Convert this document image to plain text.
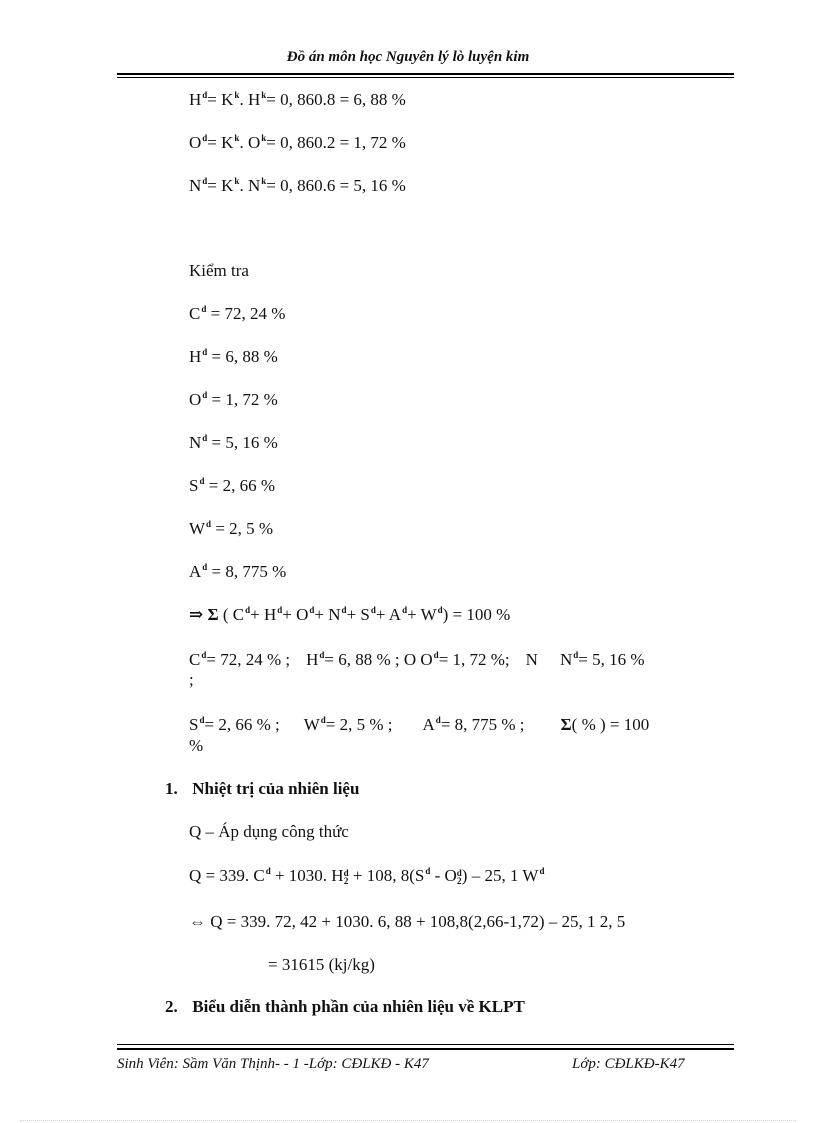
Đồ án môn học Nguyên lý lò luyện kim
$H^d= K^k$. $H^k= 0$, 860.8 = 6, 88 %
$O^d= K^k$. $O^k= 0$, 860.2 = 1, 72 %
$N^d= K^k$. $N^k= 0$, 860.6 = 5, 16 %
Kiểm tra
$C^d = 72$, 24 %
$H^d = 6$, 88 %
$O^d = 1$, 72 %
$N^d = 5$, 16 %
$S^d = 2$, 66 %
$W^d = 2$, 5 %
$A^d = 8$, 775 %
⇒ Σ ( $C^d+ H^d+ O^d+ N^d+ S^d+ A^d+ W^d) = 100$ %
$C^d= 72$, 24 % ; $H^d= 6$, 88 % ; O $O^d= 1$, 72 %; N $N^d= 5$, 16 %
;
$S^d= 2$, 66 % ; $W^d= 2$, 5 % ; $A^d= 8$, 775 % ; Σ( % ) = 100
%
1. Nhiệt trị của nhiên liệu
Q – Áp dụng công thức
Q = 339. $C^d + 1030$. Hd
2 + 108, $8(S^d$ - Od
2) – 25, 1 $W^d$
⇔ Q = 339. 72, 42 + 1030. 6, 88 + 108,8(2,66-1,72) – 25, 1 2, 5
= 31615 (kj/kg)
2. Biểu diễn thành phần của nhiên liệu về KLPT
Sinh Viên: Sầm Văn Thịnh- - 1 -Lớp: CĐLKĐ - K47	Lớp: CĐLKĐ-K47
